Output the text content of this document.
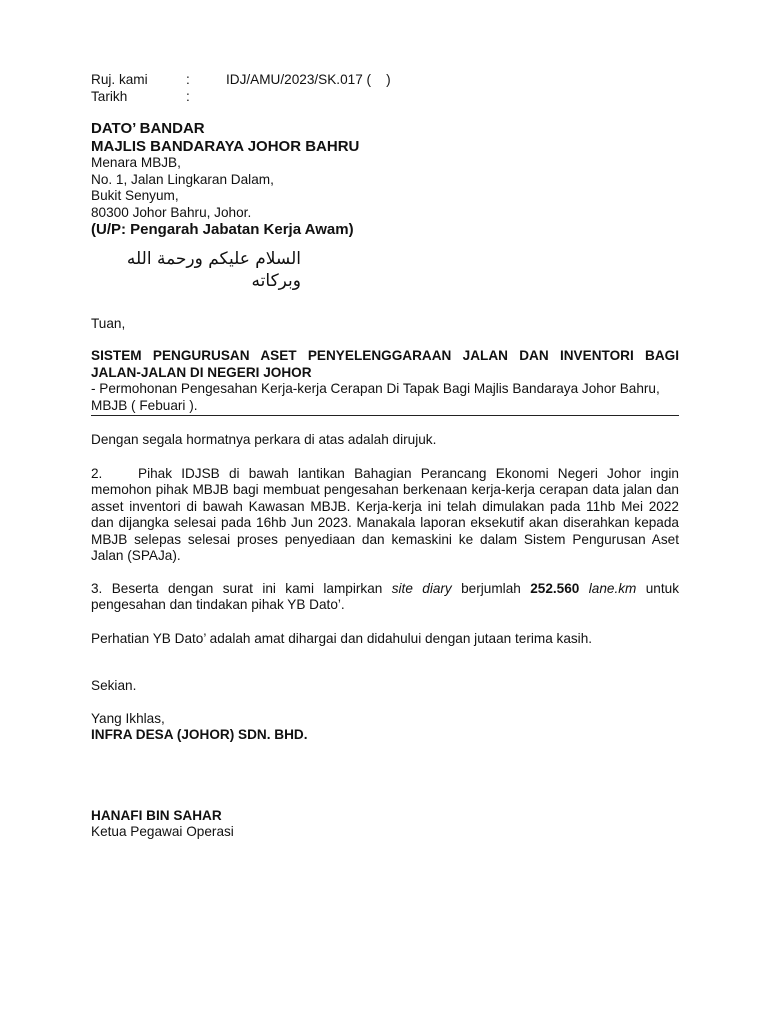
Ruj. kami	:	IDJ/AMU/2023/SK.017 (    )
Tarikh	:
DATO’ BANDAR
MAJLIS BANDARAYA JOHOR BAHRU
Menara MBJB,
No. 1, Jalan Lingkaran Dalam,
Bukit Senyum,
80300 Johor Bahru, Johor.
(U/P: Pengarah Jabatan Kerja Awam)
السلام عليكم ورحمة الله وبركاته

Tuan,

SISTEM PENGURUSAN ASET PENYELENGGARAAN JALAN DAN INVENTORI BAGI JALAN-JALAN DI NEGERI JOHOR
- Permohonan Pengesahan Kerja-kerja Cerapan Di Tapak Bagi Majlis Bandaraya Johor Bahru, MBJB ( Febuari ).

Dengan segala hormatnya perkara di atas adalah dirujuk.

2.	Pihak IDJSB di bawah lantikan Bahagian Perancang Ekonomi Negeri Johor ingin memohon pihak MBJB bagi membuat pengesahan berkenaan kerja-kerja cerapan data jalan dan asset inventori di bawah Kawasan MBJB. Kerja-kerja ini telah dimulakan pada 11hb Mei 2022 dan dijangka selesai pada 16hb Jun 2023. Manakala laporan eksekutif akan diserahkan kepada MBJB selepas selesai proses penyediaan dan kemaskini ke dalam Sistem Pengurusan Aset Jalan (SPAJa).

3. Beserta dengan surat ini kami lampirkan site diary berjumlah 252.560 lane.km untuk pengesahan dan tindakan pihak YB Dato’.

Perhatian YB Dato’ adalah amat dihargai dan didahului dengan jutaan terima kasih.

Sekian.

Yang Ikhlas,

INFRA DESA (JOHOR) SDN. BHD.

HANAFI BIN SAHAR

Ketua Pegawai Operasi
